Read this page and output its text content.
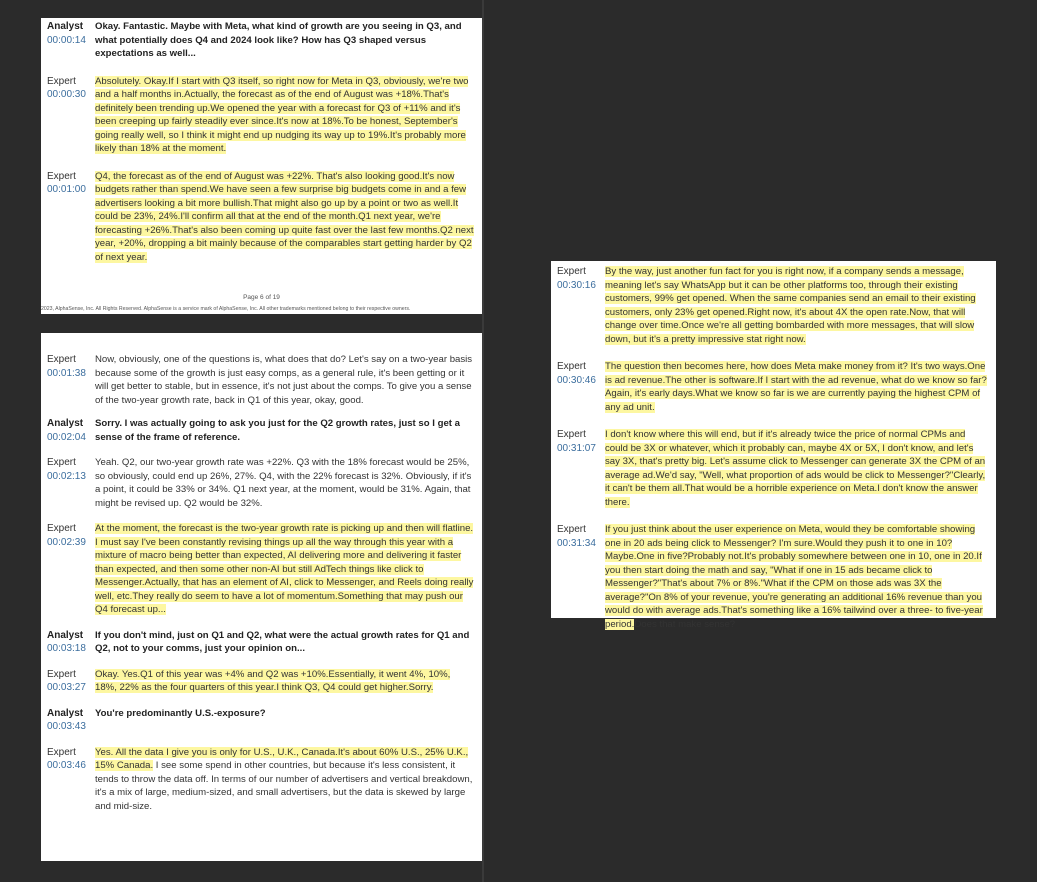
Analyst
00:00:14
Okay. Fantastic. Maybe with Meta, what kind of growth are you seeing in Q3, and what potentially does Q4 and 2024 look like? How has Q3 shaped versus expectations as well...
Expert
00:00:30
Absolutely. Okay.If I start with Q3 itself, so right now for Meta in Q3, obviously, we're two and a half months in.Actually, the forecast as of the end of August was +18%.That's definitely been trending up.We opened the year with a forecast for Q3 of +11% and it's been creeping up fairly steadily ever since.It's now at 18%.To be honest, September's going really well, so I think it might end up nudging its way up to 19%.It's probably more likely than 18% at the moment.
Expert
00:01:00
Q4, the forecast as of the end of August was +22%. That's also looking good.It's now budgets rather than spend.We have seen a few surprise big budgets come in and a few advertisers looking a bit more bullish.That might also go up by a point or two as well.It could be 23%, 24%.I'll confirm all that at the end of the month.Q1 next year, we're forecasting +26%.That's also been coming up quite fast over the last few months.Q2 next year, +20%, dropping a bit mainly because of the comparables start getting harder by Q2 of next year.
Page 6 of 19
2023, AlphaSense, Inc. All Rights Reserved. AlphaSense is a service mark of AlphaSense, Inc. All other trademarks mentioned belong to their respective owners.
Expert
00:01:38
Now, obviously, one of the questions is, what does that do? Let's say on a two-year basis because some of the growth is just easy comps, as a general rule, it's been getting or it will get better to stable, but in essence, it's not just about the comps. To give you a sense of the two-year growth rate, back in Q1 of this year, okay, good.
Analyst
00:02:04
Sorry. I was actually going to ask you just for the Q2 growth rates, just so I get a sense of the frame of reference.
Expert
00:02:13
Yeah. Q2, our two-year growth rate was +22%. Q3 with the 18% forecast would be 25%, so obviously, could end up 26%, 27%. Q4, with the 22% forecast is 32%. Obviously, if it's a point, it could be 33% or 34%. Q1 next year, at the moment, would be 31%. Again, that might be revised up. Q2 would be 32%.
Expert
00:02:39
At the moment, the forecast is the two-year growth rate is picking up and then will flatline. I must say I've been constantly revising things up all the way through this year with a mixture of macro being better than expected, AI delivering more and delivering it faster than expected, and then some other non-AI but still AdTech things like click to Messenger.Actually, that has an element of AI, click to Messenger, and Reels doing really well, etc.They really do seem to have a lot of momentum.Something that may push our Q4 forecast up...
Analyst
00:03:18
If you don't mind, just on Q1 and Q2, what were the actual growth rates for Q1 and Q2, not to your comms, just your opinion on...
Expert
00:03:27
Okay. Yes.Q1 of this year was +4% and Q2 was +10%.Essentially, it went 4%, 10%, 18%, 22% as the four quarters of this year.I think Q3, Q4 could get higher.Sorry.
Analyst
00:03:43
You're predominantly U.S.-exposure?
Expert
00:03:46
Yes. All the data I give you is only for U.S., U.K., Canada.It's about 60% U.S., 25% U.K., 15% Canada. I see some spend in other countries, but because it's less consistent, it tends to throw the data off. In terms of our number of advertisers and vertical breakdown, it's a mix of large, medium-sized, and small advertisers, but the data is skewed by large and mid-size.
Expert
00:30:16
By the way, just another fun fact for you is right now, if a company sends a message, meaning let's say WhatsApp but it can be other platforms too, through their existing customers, 99% get opened. When the same companies send an email to their existing customers, only 23% get opened.Right now, it's about 4X the open rate.Now, that will change over time.Once we're all getting bombarded with more messages, that will slow down, but it's a pretty impressive stat right now.
Expert
00:30:46
The question then becomes here, how does Meta make money from it? It's two ways.One is ad revenue.The other is software.If I start with the ad revenue, what do we know so far? Again, it's early days.What we know so far is we are currently paying the highest CPM of any ad unit.
Expert
00:31:07
I don't know where this will end, but if it's already twice the price of normal CPMs and could be 3X or whatever, which it probably can, maybe 4X or 5X, I don't know, and let's say 3X, that's pretty big. Let's assume click to Messenger can generate 3X the CPM of an average ad.We'd say, "Well, what proportion of ads would be click to Messenger?"Clearly, it can't be them all.That would be a horrible experience on Meta.I don't know the answer there.
Expert
00:31:34
If you just think about the user experience on Meta, would they be comfortable showing one in 20 ads being click to Messenger? I'm sure.Would they push it to one in 10?Maybe.One in five?Probably not.It's probably somewhere between one in 10, one in 20.If you then start doing the math and say, "What if one in 15 ads became click to Messenger?"That's about 7% or 8%."What if the CPM on those ads was 3X the average?"On 8% of your revenue, you're generating an additional 16% revenue than you would do with average ads.That's something like a 16% tailwind over a three- to five-year period.Does that make sense?
